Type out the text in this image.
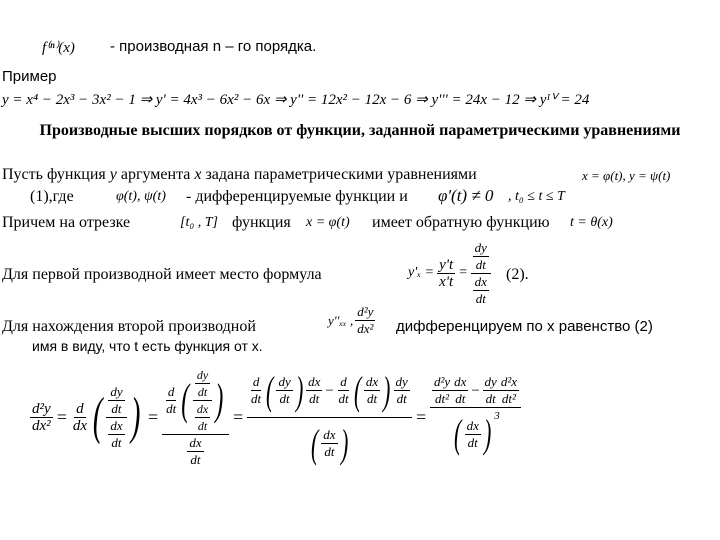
f⁽ⁿ⁾(x) - производная n – го порядка.
Пример
y = x⁴ − 2x³ − 3x² − 1 ⇒ y' = 4x³ − 6x² − 6x ⇒ y'' = 12x² − 12x − 6 ⇒ y''' = 24x − 12 ⇒ yᴵⱽ = 24
Производные высших порядков от функции, заданной параметрическими уравнениями
Пусть функция y аргумента x задана параметрическими уравнениями	x = φ(t), y = ψ(t)
(1),где	φ(t), ψ(t) - дифференцируемые функции и φ'(t) ≠ 0 , t₀ ≤ t ≤ T
Причем на отрезке	[t₀ , T] функция x = φ(t) имеет обратную функцию t = θ(x)
Для первой производной имеет место формула	$y'_x = \frac{y't}{x't} = \frac{\frac{dy}{dt}}{\frac{dx}{dt}} (2)$.
Для нахождения второй производной	y''ₓₓ , $\frac{\text{d²y}}{\text{dx²}}$ дифференцируем по x равенство (2)
имя в виду, что t есть функция от x.
$\frac{\text{d²y}}{\text{dx²}} = \frac{d}{dx}$ ( $\frac{\frac{dy}{dt}}{\frac{dx}{dt}}$ ) = $\frac{\frac{d}{dt} ( \frac{\frac{dy}{dt}}{\frac{dx}{dt}} )}{\frac{dx}{dt}}$ =
$\frac{d}{dt}$ ( $\frac{dy}{dt}$ ) $\frac{dx}{dt} - \frac{d}{dt}$ ( $\frac{dx}{dt}$ ) $\frac{dy}{dt}$
( $\frac{dx}{dt}$ )
= $\frac{\frac{\text{d²y}}{\text{dt²}} \frac{dx}{dt} - \frac{dy}{dt} \frac{\text{d²x}}{\text{dt²}}}{( \frac{dx}{dt} ) ^3}$
